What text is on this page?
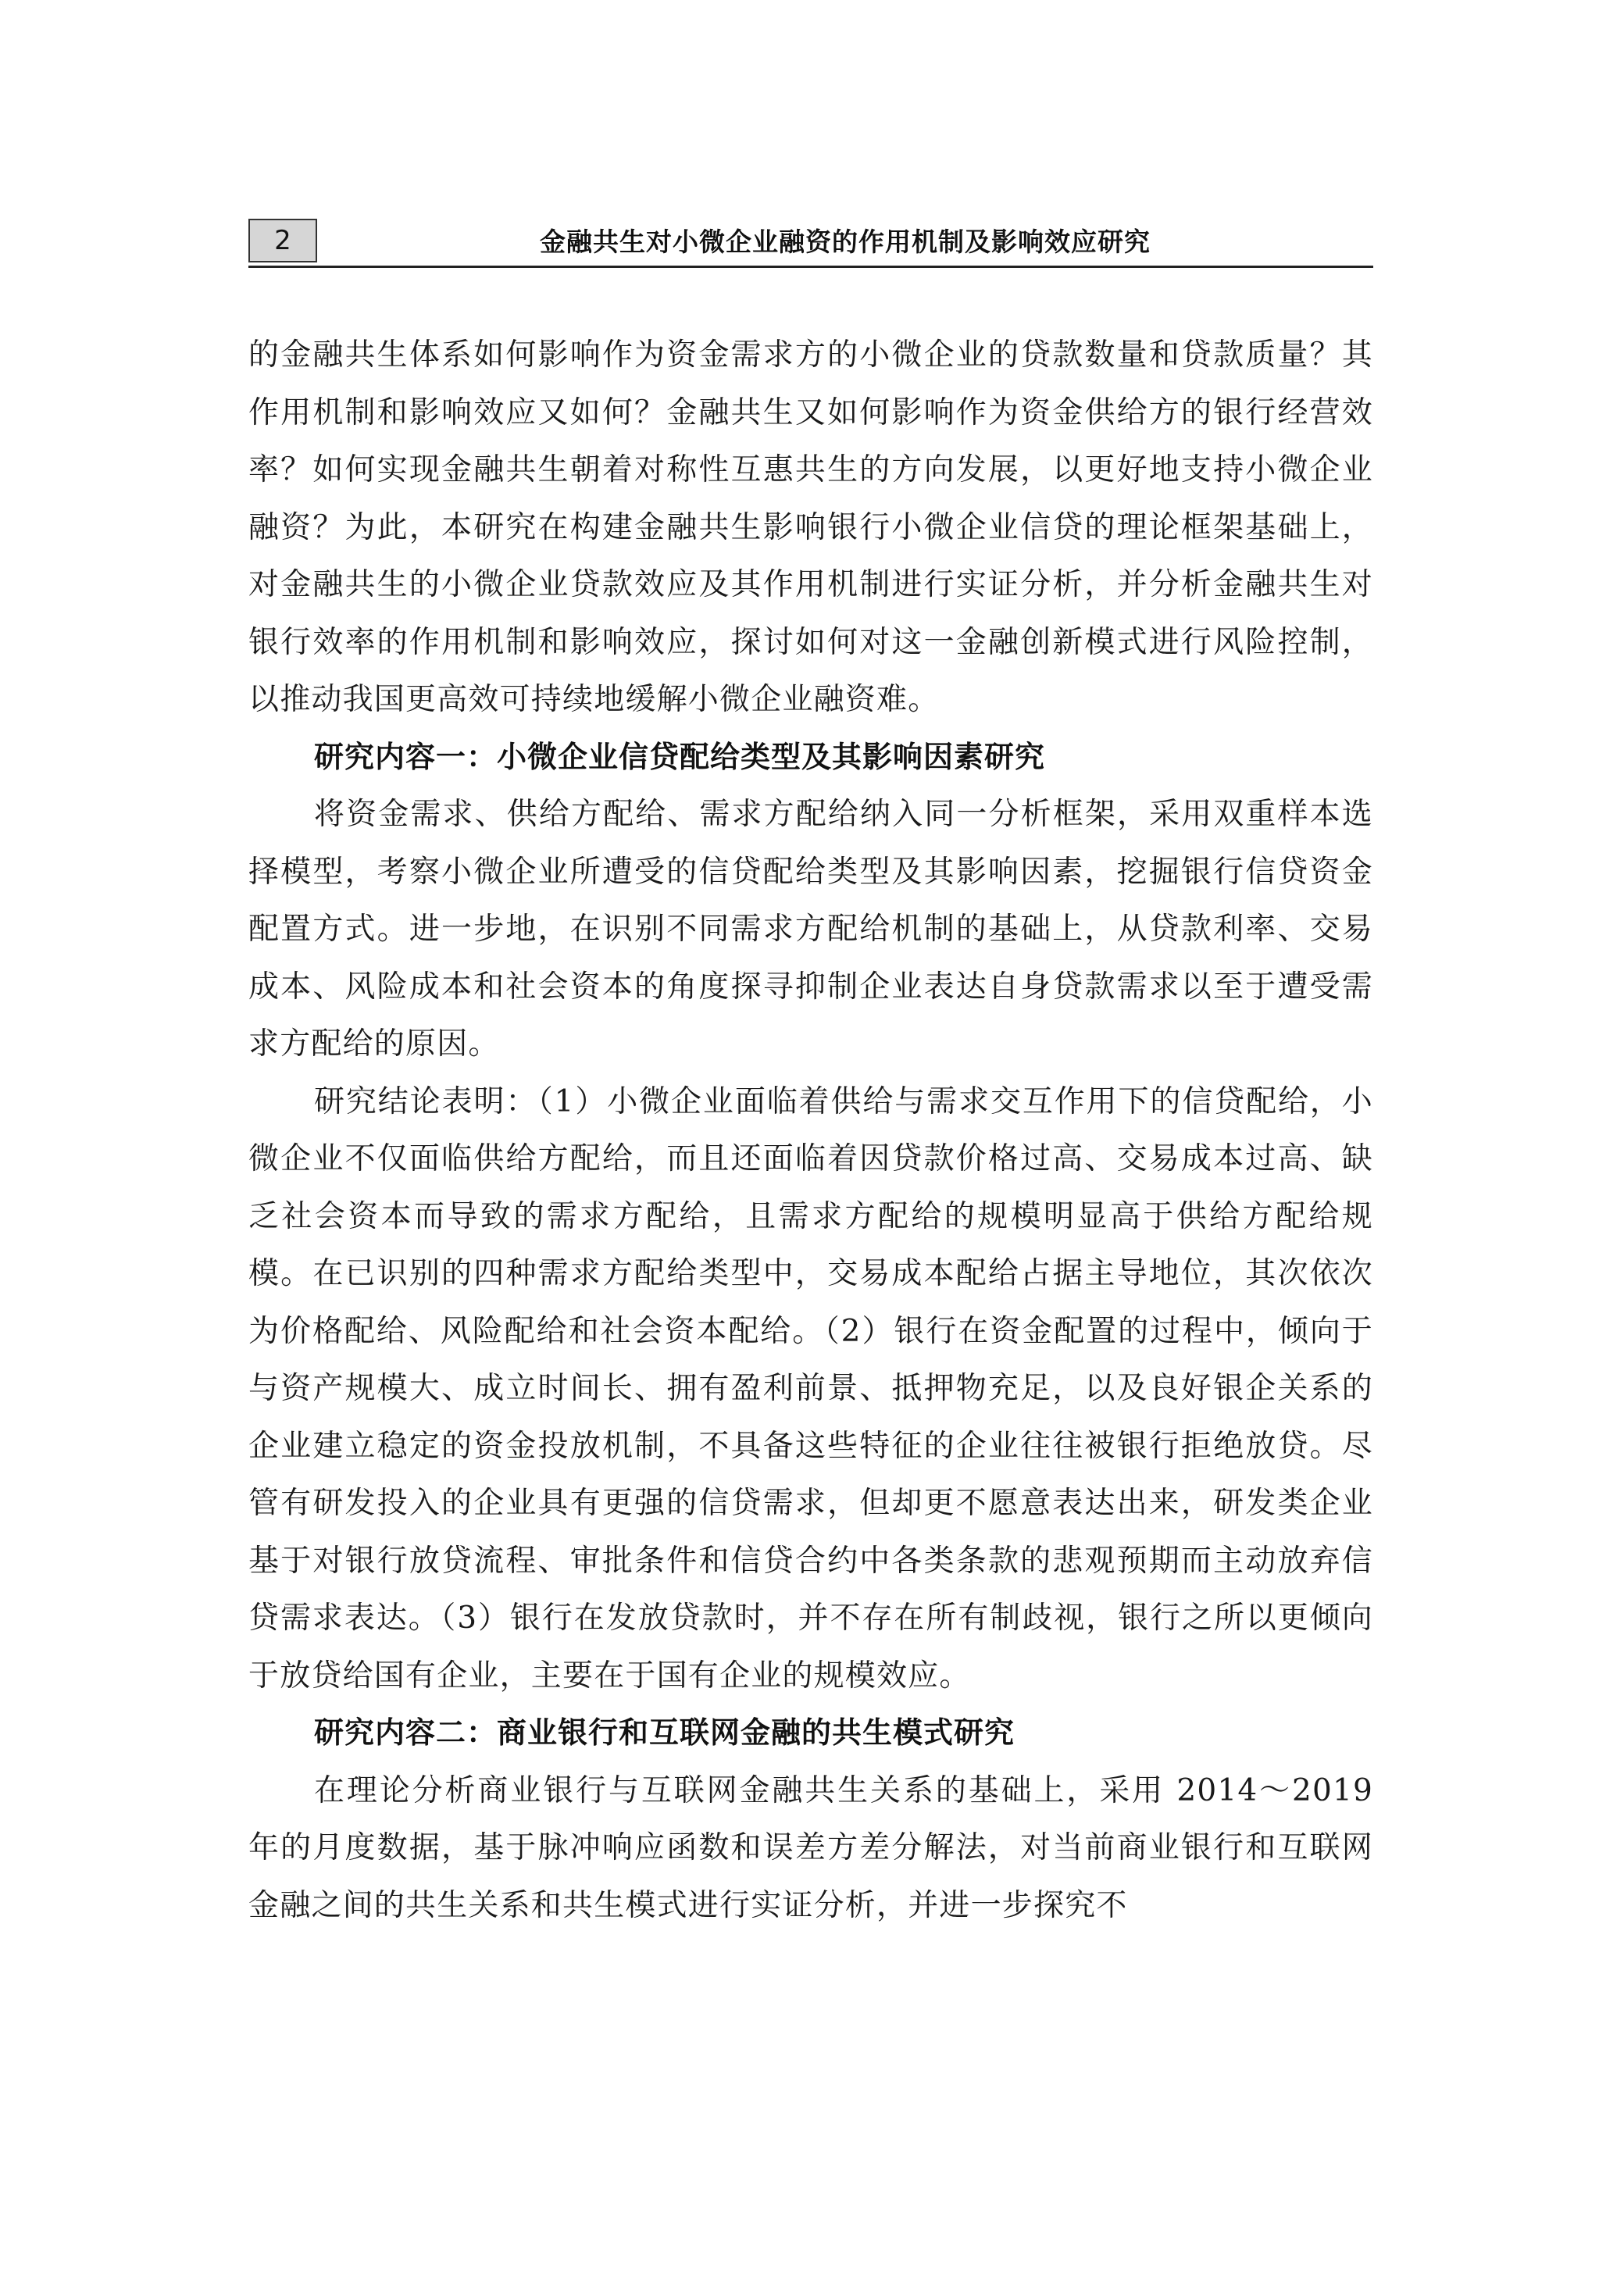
2	金融共生对小微企业融资的作用机制及影响效应研究

的金融共生体系如何影响作为资金需求方的小微企业的贷款数量和贷款质量？其作用机制和影响效应又如何？金融共生又如何影响作为资金供给方的银行经营效率？如何实现金融共生朝着对称性互惠共生的方向发展，以更好地支持小微企业融资？为此，本研究在构建金融共生影响银行小微企业信贷的理论框架基础上，对金融共生的小微企业贷款效应及其作用机制进行实证分析，并分析金融共生对银行效率的作用机制和影响效应，探讨如何对这一金融创新模式进行风险控制，以推动我国更高效可持续地缓解小微企业融资难。

研究内容一：小微企业信贷配给类型及其影响因素研究

将资金需求、供给方配给、需求方配给纳入同一分析框架，采用双重样本选择模型，考察小微企业所遭受的信贷配给类型及其影响因素，挖掘银行信贷资金配置方式。进一步地，在识别不同需求方配给机制的基础上，从贷款利率、交易成本、风险成本和社会资本的角度探寻抑制企业表达自身贷款需求以至于遭受需求方配给的原因。

研究结论表明：（1）小微企业面临着供给与需求交互作用下的信贷配给，小微企业不仅面临供给方配给，而且还面临着因贷款价格过高、交易成本过高、缺乏社会资本而导致的需求方配给，且需求方配给的规模明显高于供给方配给规模。在已识别的四种需求方配给类型中，交易成本配给占据主导地位，其次依次为价格配给、风险配给和社会资本配给。（2）银行在资金配置的过程中，倾向于与资产规模大、成立时间长、拥有盈利前景、抵押物充足，以及良好银企关系的企业建立稳定的资金投放机制，不具备这些特征的企业往往被银行拒绝放贷。尽管有研发投入的企业具有更强的信贷需求，但却更不愿意表达出来，研发类企业基于对银行放贷流程、审批条件和信贷合约中各类条款的悲观预期而主动放弃信贷需求表达。（3）银行在发放贷款时，并不存在所有制歧视，银行之所以更倾向于放贷给国有企业，主要在于国有企业的规模效应。

研究内容二：商业银行和互联网金融的共生模式研究

在理论分析商业银行与互联网金融共生关系的基础上，采用 2014～2019 年的月度数据，基于脉冲响应函数和误差方差分解法，对当前商业银行和互联网金融之间的共生关系和共生模式进行实证分析，并进一步探究不
